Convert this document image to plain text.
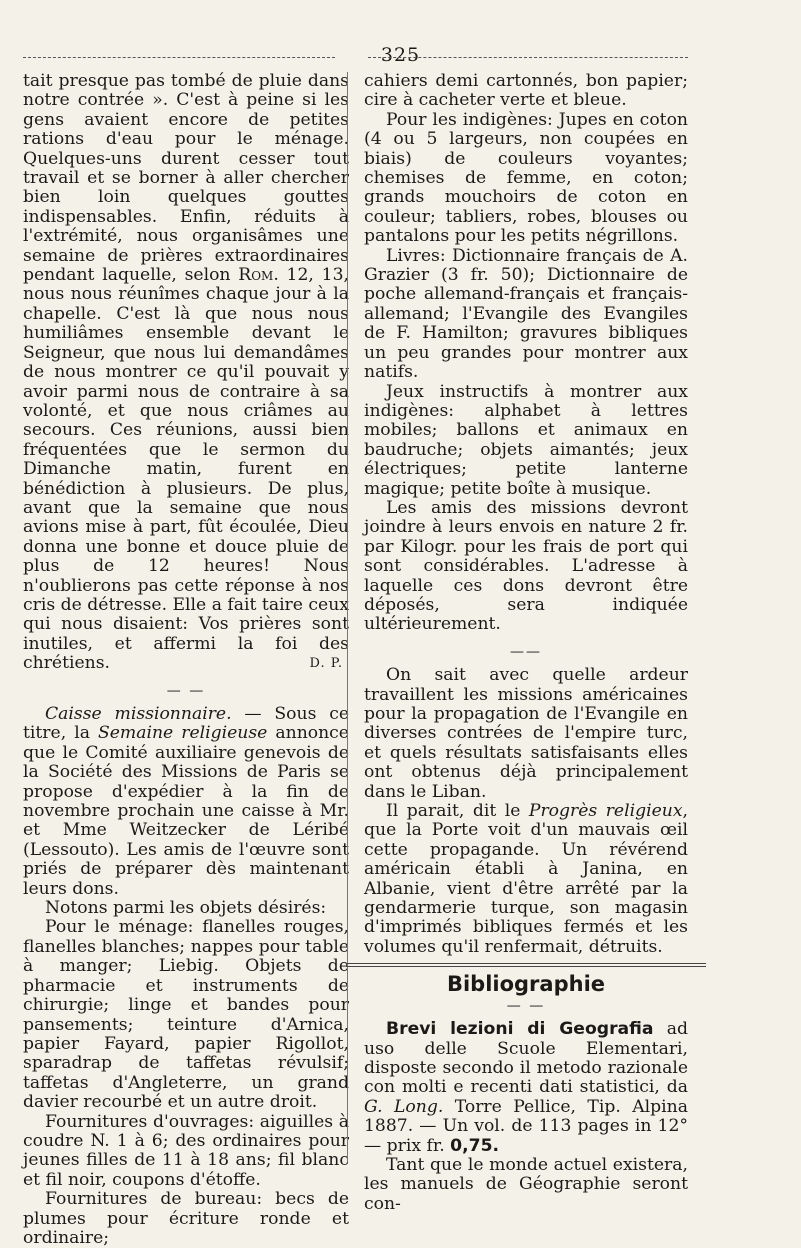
325

tait presque pas tombé de pluie dans notre contrée ». C'est à peine si les gens avaient encore de petites rations d'eau pour le ménage. Quelques-uns durent cesser tout travail et se borner à aller chercher bien loin quelques gouttes indispensables. Enfin, réduits à l'extrémité, nous organisâmes une semaine de prières extraordinaires pendant laquelle, selon Rom. 12, 13, nous nous réunîmes chaque jour à la chapelle. C'est là que nous nous humiliâmes ensemble devant le Seigneur, que nous lui demandâmes de nous montrer ce qu'il pouvait y avoir parmi nous de contraire à sa volonté, et que nous criâmes au secours. Ces réunions, aussi bien fréquentées que le sermon du Dimanche matin, furent en bénédiction à plusieurs. De plus, avant que la semaine que nous avions mise à part, fût écoulée, Dieu donna une bonne et douce pluie de plus de 12 heures! Nous n'oublierons pas cette réponse à nos cris de détresse. Elle a fait taire ceux qui nous disaient: Vos prières sont inutiles, et affermi la foi des chrétiens.	D. P.

— —

Caisse missionnaire. — Sous ce titre, la Semaine religieuse annonce que le Comité auxiliaire genevois de la Société des Missions de Paris se propose d'expédier à la fin de novembre prochain une caisse à Mr. et Mme Weitzecker de Léribé (Lessouto). Les amis de l'œuvre sont priés de préparer dès maintenant leurs dons.

Notons parmi les objets désirés:

Pour le ménage: flanelles rouges, flanelles blanches; nappes pour table à manger; Liebig. Objets de pharmacie et instruments de chirurgie; linge et bandes pour pansements; teinture d'Arnica, papier Fayard, papier Rigollot, sparadrap de taffetas révulsif; taffetas d'Angleterre, un grand davier recourbé et un autre droit.

Fournitures d'ouvrages: aiguilles à coudre N. 1 à 6; des ordinaires pour jeunes filles de 11 à 18 ans; fil blanc et fil noir, coupons d'étoffe.

Fournitures de bureau: becs de plumes pour écriture ronde et ordinaire;

cahiers demi cartonnés, bon papier; cire à cacheter verte et bleue.

Pour les indigènes: Jupes en coton (4 ou 5 largeurs, non coupées en biais) de couleurs voyantes; chemises de femme, en coton; grands mouchoirs de coton en couleur; tabliers, robes, blouses ou pantalons pour les petits négrillons.

Livres: Dictionnaire français de A. Grazier (3 fr. 50); Dictionnaire de poche allemand-français et français-allemand; l'Evangile des Evangiles de F. Hamilton; gravures bibliques un peu grandes pour montrer aux natifs.

Jeux instructifs à montrer aux indigènes: alphabet à lettres mobiles; ballons et animaux en baudruche; objets aimantés; jeux électriques; petite lanterne magique; petite boîte à musique.

Les amis des missions devront joindre à leurs envois en nature 2 fr. par Kilogr. pour les frais de port qui sont considérables. L'adresse à laquelle ces dons devront être déposés, sera indiquée ultérieurement.

——

On sait avec quelle ardeur travaillent les missions américaines pour la propagation de l'Evangile en diverses contrées de l'empire turc, et quels résultats satisfaisants elles ont obtenus déjà principalement dans le Liban.

Il parait, dit le Progrès religieux, que la Porte voit d'un mauvais œil cette propagande. Un révérend américain établi à Janina, en Albanie, vient d'être arrêté par la gendarmerie turque, son magasin d'imprimés bibliques fermés et les volumes qu'il renfermait, détruits.

Bibliographie
— —

Brevi lezioni di Geografia ad uso delle Scuole Elementari, disposte secondo il metodo razionale con molti e recenti dati statistici, da G. Long. Torre Pellice, Tip. Alpina 1887. — Un vol. de 113 pages in 12° — prix fr. 0,75.

Tant que le monde actuel existera, les manuels de Géographie seront con-
